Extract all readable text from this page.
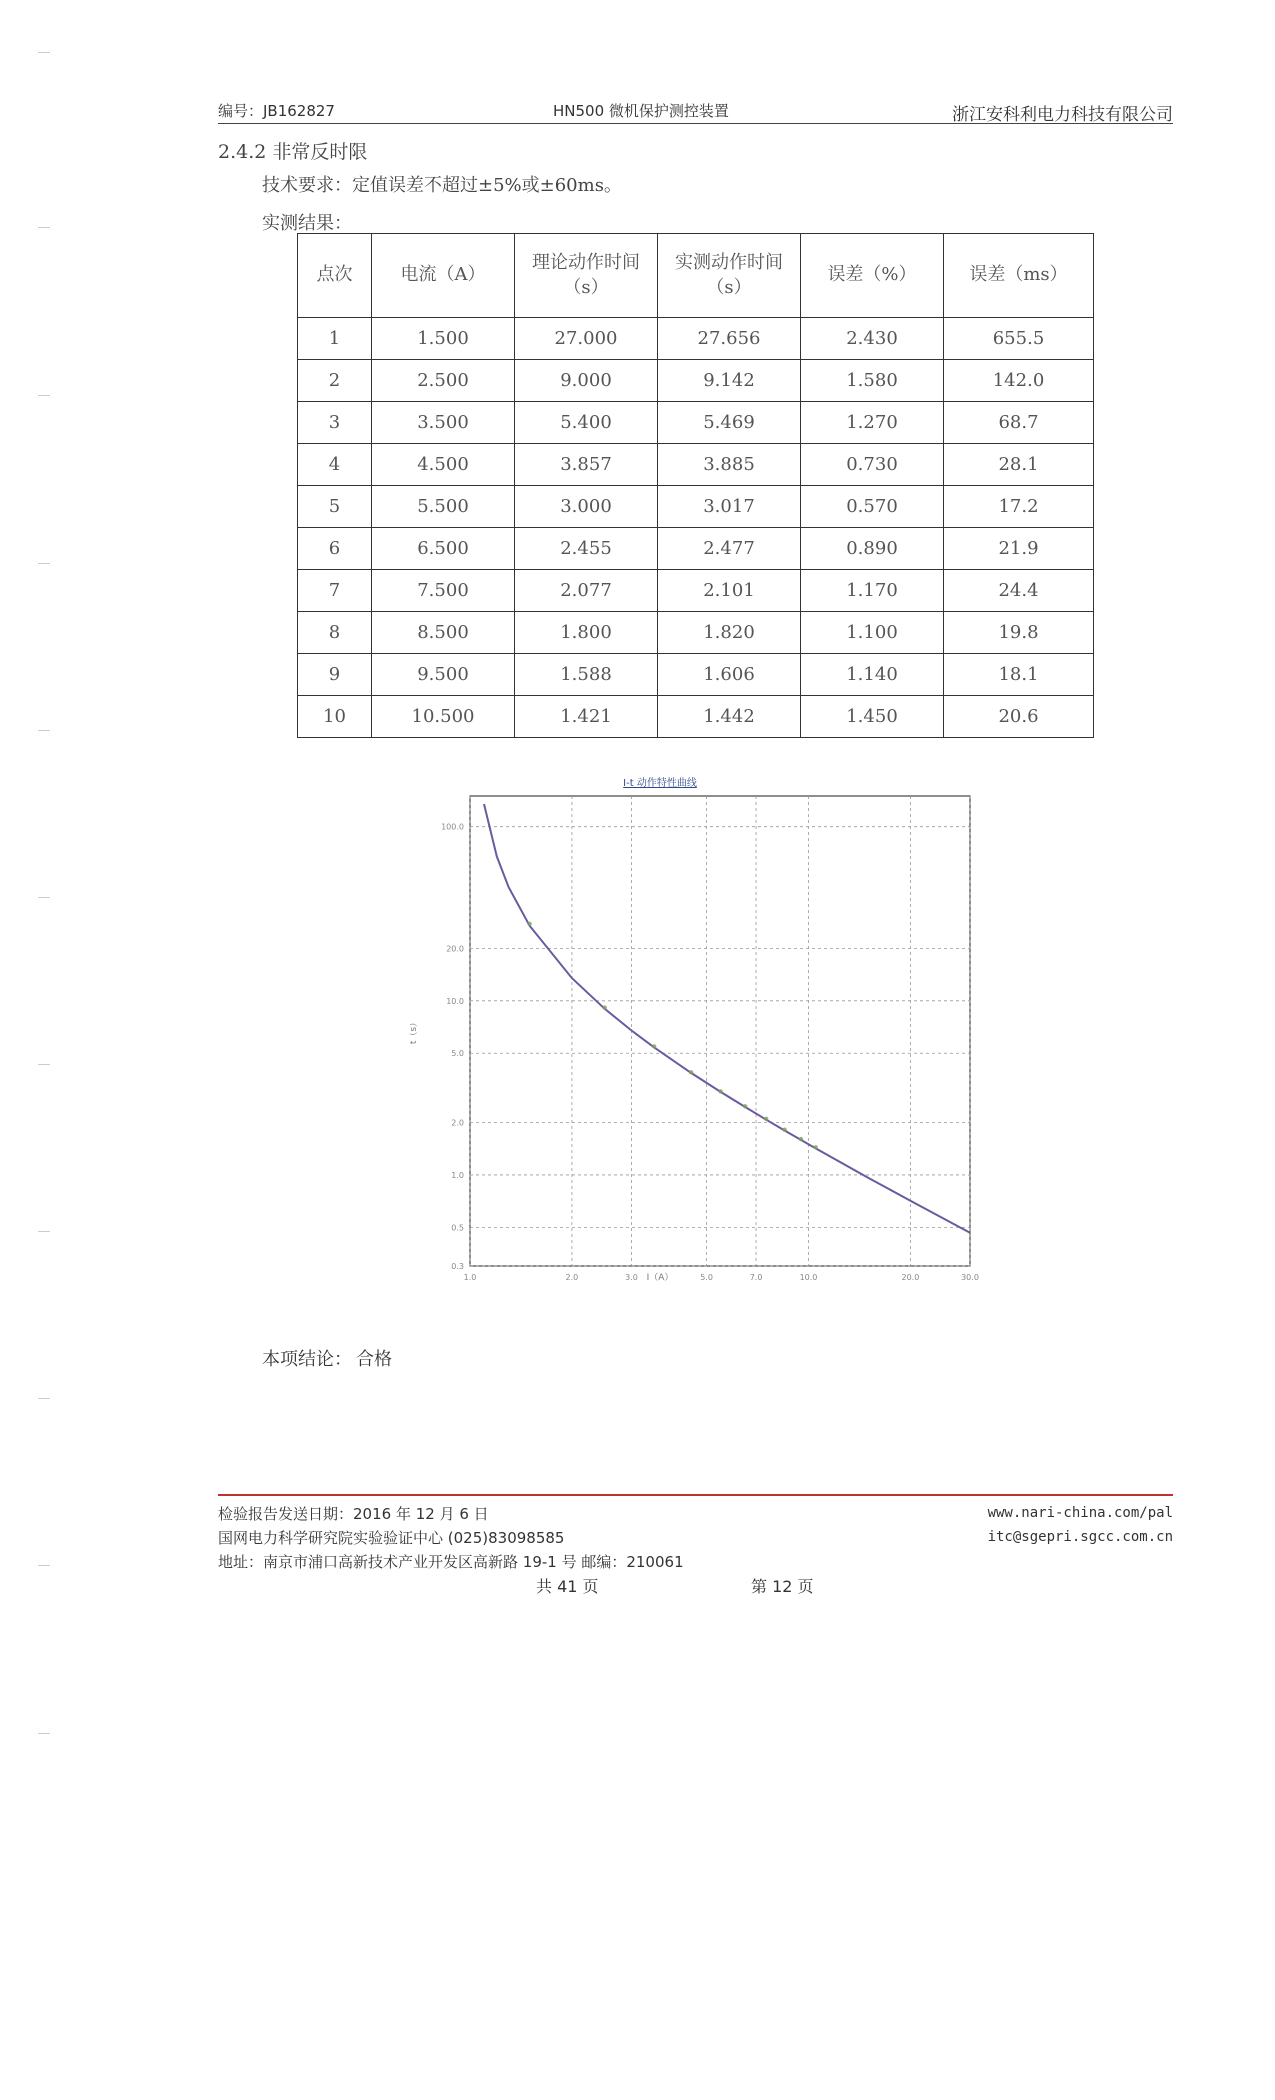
编号：JB162827	HN500 微机保护测控装置	浙江安科利电力科技有限公司
2.4.2 非常反时限
技术要求：定值误差不超过±5%或±60ms。
实测结果：
点次	电流（A）	理论动作时间（s）	实测动作时间（s）	误差（%）	误差（ms）
1	1.500	27.000	27.656	2.430	655.5
2	2.500	9.000	9.142	1.580	142.0
3	3.500	5.400	5.469	1.270	68.7
4	4.500	3.857	3.885	0.730	28.1
5	5.500	3.000	3.017	0.570	17.2
6	6.500	2.455	2.477	0.890	21.9
7	7.500	2.077	2.101	1.170	24.4
8	8.500	1.800	1.820	1.100	19.8
9	9.500	1.588	1.606	1.140	18.1
10	10.500	1.421	1.442	1.450	20.6
1.0	2.0	3.0	5.0	7.0	10.0	20.0	30.0
100.0
20.0
10.0
5.0
2.0
1.0
0.5
0.3
I-t 动作特性曲线
I（A）
t（s）
本项结论： 合格
检验报告发送日期：2016 年 12 月 6 日
国网电力科学研究院实验验证中心 (025)83098585
地址：南京市浦口高新技术产业开发区高新路 19-1 号 邮编：210061
www.nari-china.com/pal
itc@sgepri.sgcc.com.cn
共 41 页	第 12 页
